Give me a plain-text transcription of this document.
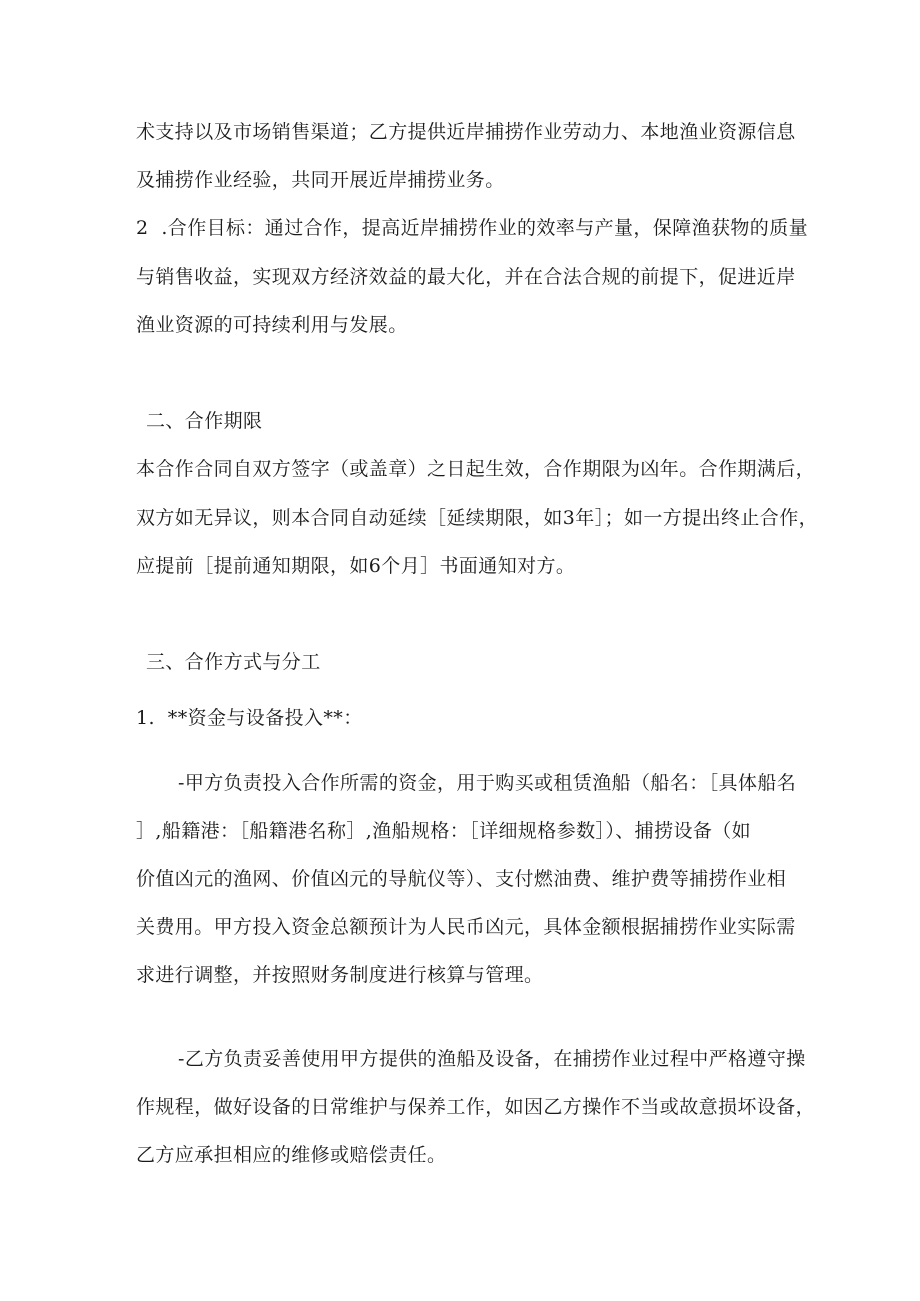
术支持以及市场销售渠道；乙方提供近岸捕捞作业劳动力、本地渔业资源信息
及捕捞作业经验，共同开展近岸捕捞业务。
2  .合作目标：通过合作，提高近岸捕捞作业的效率与产量，保障渔获物的质量
与销售收益，实现双方经济效益的最大化，并在合法合规的前提下，促进近岸
渔业资源的可持续利用与发展。
二、合作期限
本合作合同自双方签字（或盖章）之日起生效，合作期限为凶年。合作期满后，
双方如无异议，则本合同自动延续［延续期限，如3年］；如一方提出终止合作，
应提前［提前通知期限，如6个月］书面通知对方。
三、合作方式与分工
1.  **资金与设备投入**：
-甲方负责投入合作所需的资金，用于购买或租赁渔船（船名：［具体船名
］,船籍港：［船籍港名称］,渔船规格：［详细规格参数］）、捕捞设备（如
价值凶元的渔网、价值凶元的导航仪等）、支付燃油费、维护费等捕捞作业相
关费用。甲方投入资金总额预计为人民币凶元，具体金额根据捕捞作业实际需
求进行调整，并按照财务制度进行核算与管理。
-乙方负责妥善使用甲方提供的渔船及设备，在捕捞作业过程中严格遵守操
作规程，做好设备的日常维护与保养工作，如因乙方操作不当或故意损坏设备，
乙方应承担相应的维修或赔偿责任。
